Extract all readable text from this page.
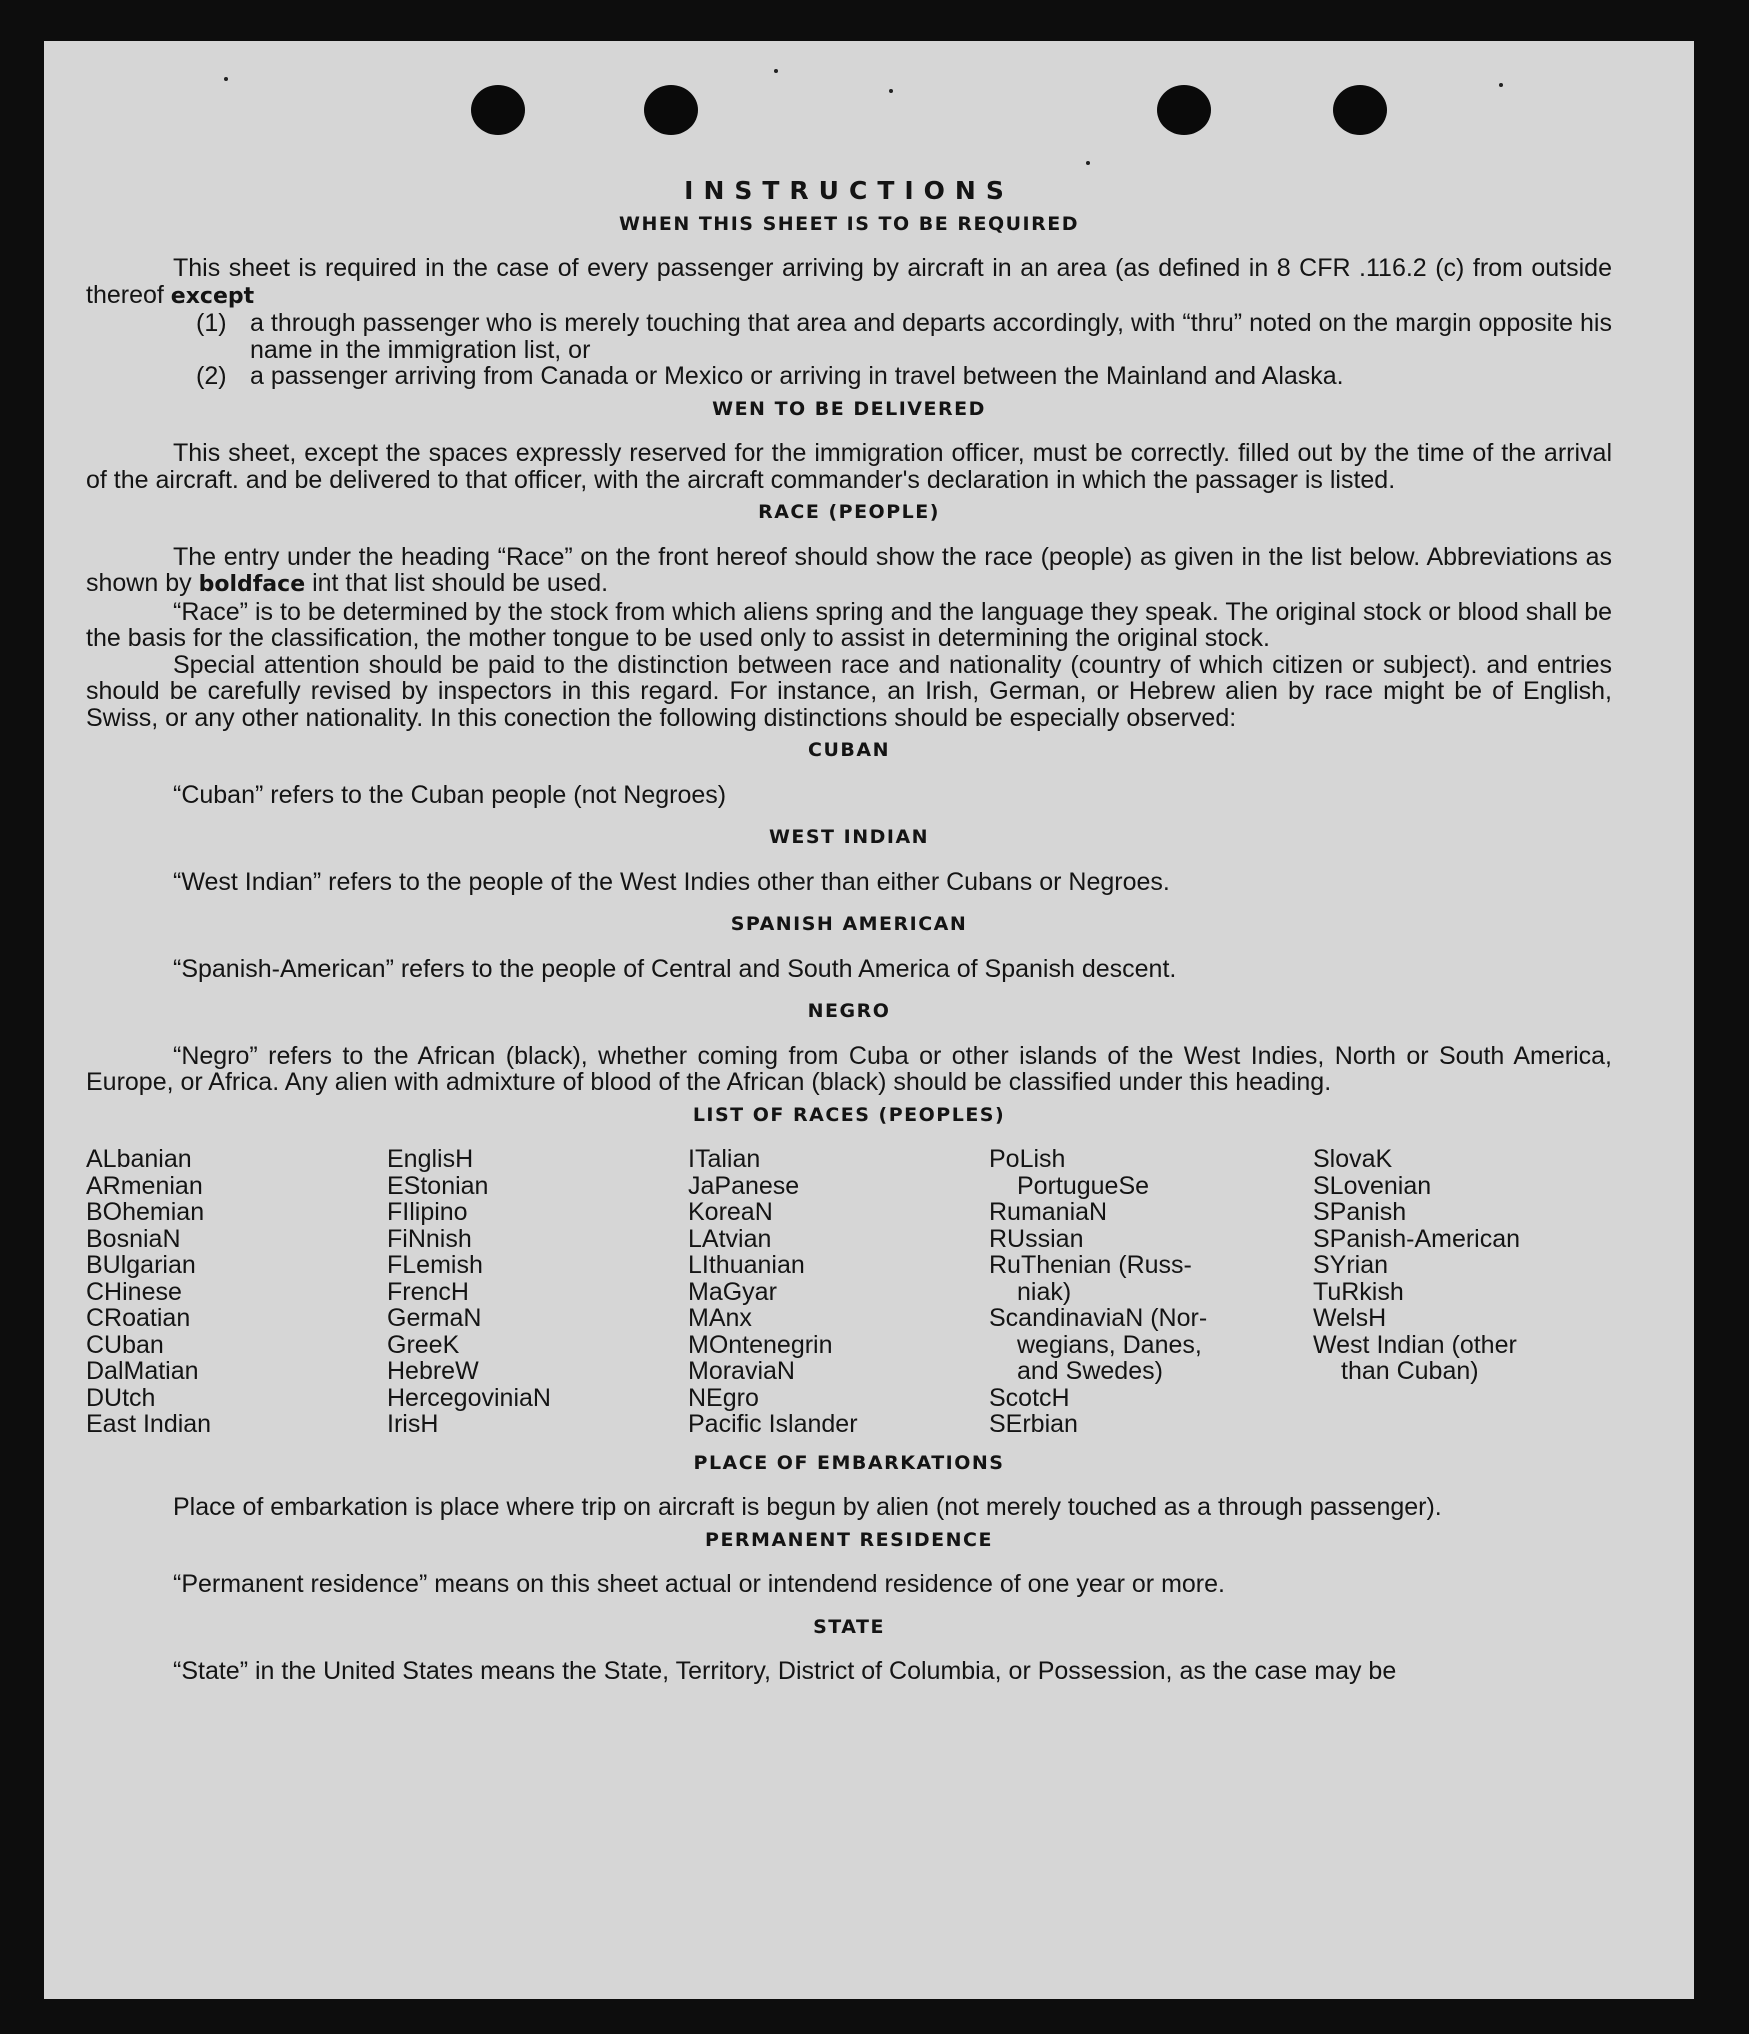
INSTRUCTIONS
WHEN THIS SHEET IS TO BE REQUIRED

This sheet is required in the case of every passenger arriving by aircraft in an area (as defined in 8 CFR .116.2 (c) from outside thereof except

(1) a through passenger who is merely touching that area and departs accordingly, with “thru” noted on the margin opposite his name in the immigration list, or
(2) a passenger arriving from Canada or Mexico or arriving in travel between the Mainland and Alaska.
WEN TO BE DELIVERED

This sheet, except the spaces expressly reserved for the immigration officer, must be correctly. filled out by the time of the arrival of the aircraft. and be delivered to that officer, with the aircraft commander's declaration in which the passager is listed.

RACE (PEOPLE)

The entry under the heading “Race” on the front hereof should show the race (people) as given in the list below. Abbreviations as shown by boldface int that list should be used.

“Race” is to be determined by the stock from which aliens spring and the language they speak. The original stock or blood shall be the basis for the classification, the mother tongue to be used only to assist in determining the original stock.

Special attention should be paid to the distinction between race and nationality (country of which citizen or subject). and entries should be carefully revised by inspectors in this regard. For instance, an Irish, German, or Hebrew alien by race might be of English, Swiss, or any other nationality. In this conection the following distinctions should be especially observed:

CUBAN

“Cuban” refers to the Cuban people (not Negroes)

WEST INDIAN

“West Indian” refers to the people of the West Indies other than either Cubans or Negroes.

SPANISH AMERICAN

“Spanish-American” refers to the people of Central and South America of Spanish descent.

NEGRO

“Negro” refers to the African (black), whether coming from Cuba or other islands of the West Indies, North or South America, Europe, or Africa. Any alien with admixture of blood of the African (black) should be classified under this heading.

LIST OF RACES (PEOPLES)
ALbanian
ARmenian
BOhemian
BosniaN
BUlgarian
CHinese
CRoatian
CUban
DalMatian
DUtch
East Indian
EnglisH
EStonian
FIlipino
FiNnish
FLemish
FrencH
GermaN
GreeK
HebreW
HercegoviniaN
IrisH
ITalian
JaPanese
KoreaN
LAtvian
LIthuanian
MaGyar
MAnx
MOntenegrin
MoraviaN
NEgro
Pacific Islander
PoLish
PortugueSe
RumaniaN
RUssian
RuThenian (Russ-
niak)
ScandinaviaN (Nor-
wegians, Danes,
and Swedes)
ScotcH
SErbian
SlovaK
SLovenian
SPanish
SPanish-American
SYrian
TuRkish
WelsH
West Indian (other
than Cuban)
PLACE OF EMBARKATIONS

Place of embarkation is place where trip on aircraft is begun by alien (not merely touched as a through passenger).

PERMANENT RESIDENCE

“Permanent residence” means on this sheet actual or intendend residence of one year or more.

STATE

“State” in the United States means the State, Territory, District of Columbia, or Possession, as the case may be
